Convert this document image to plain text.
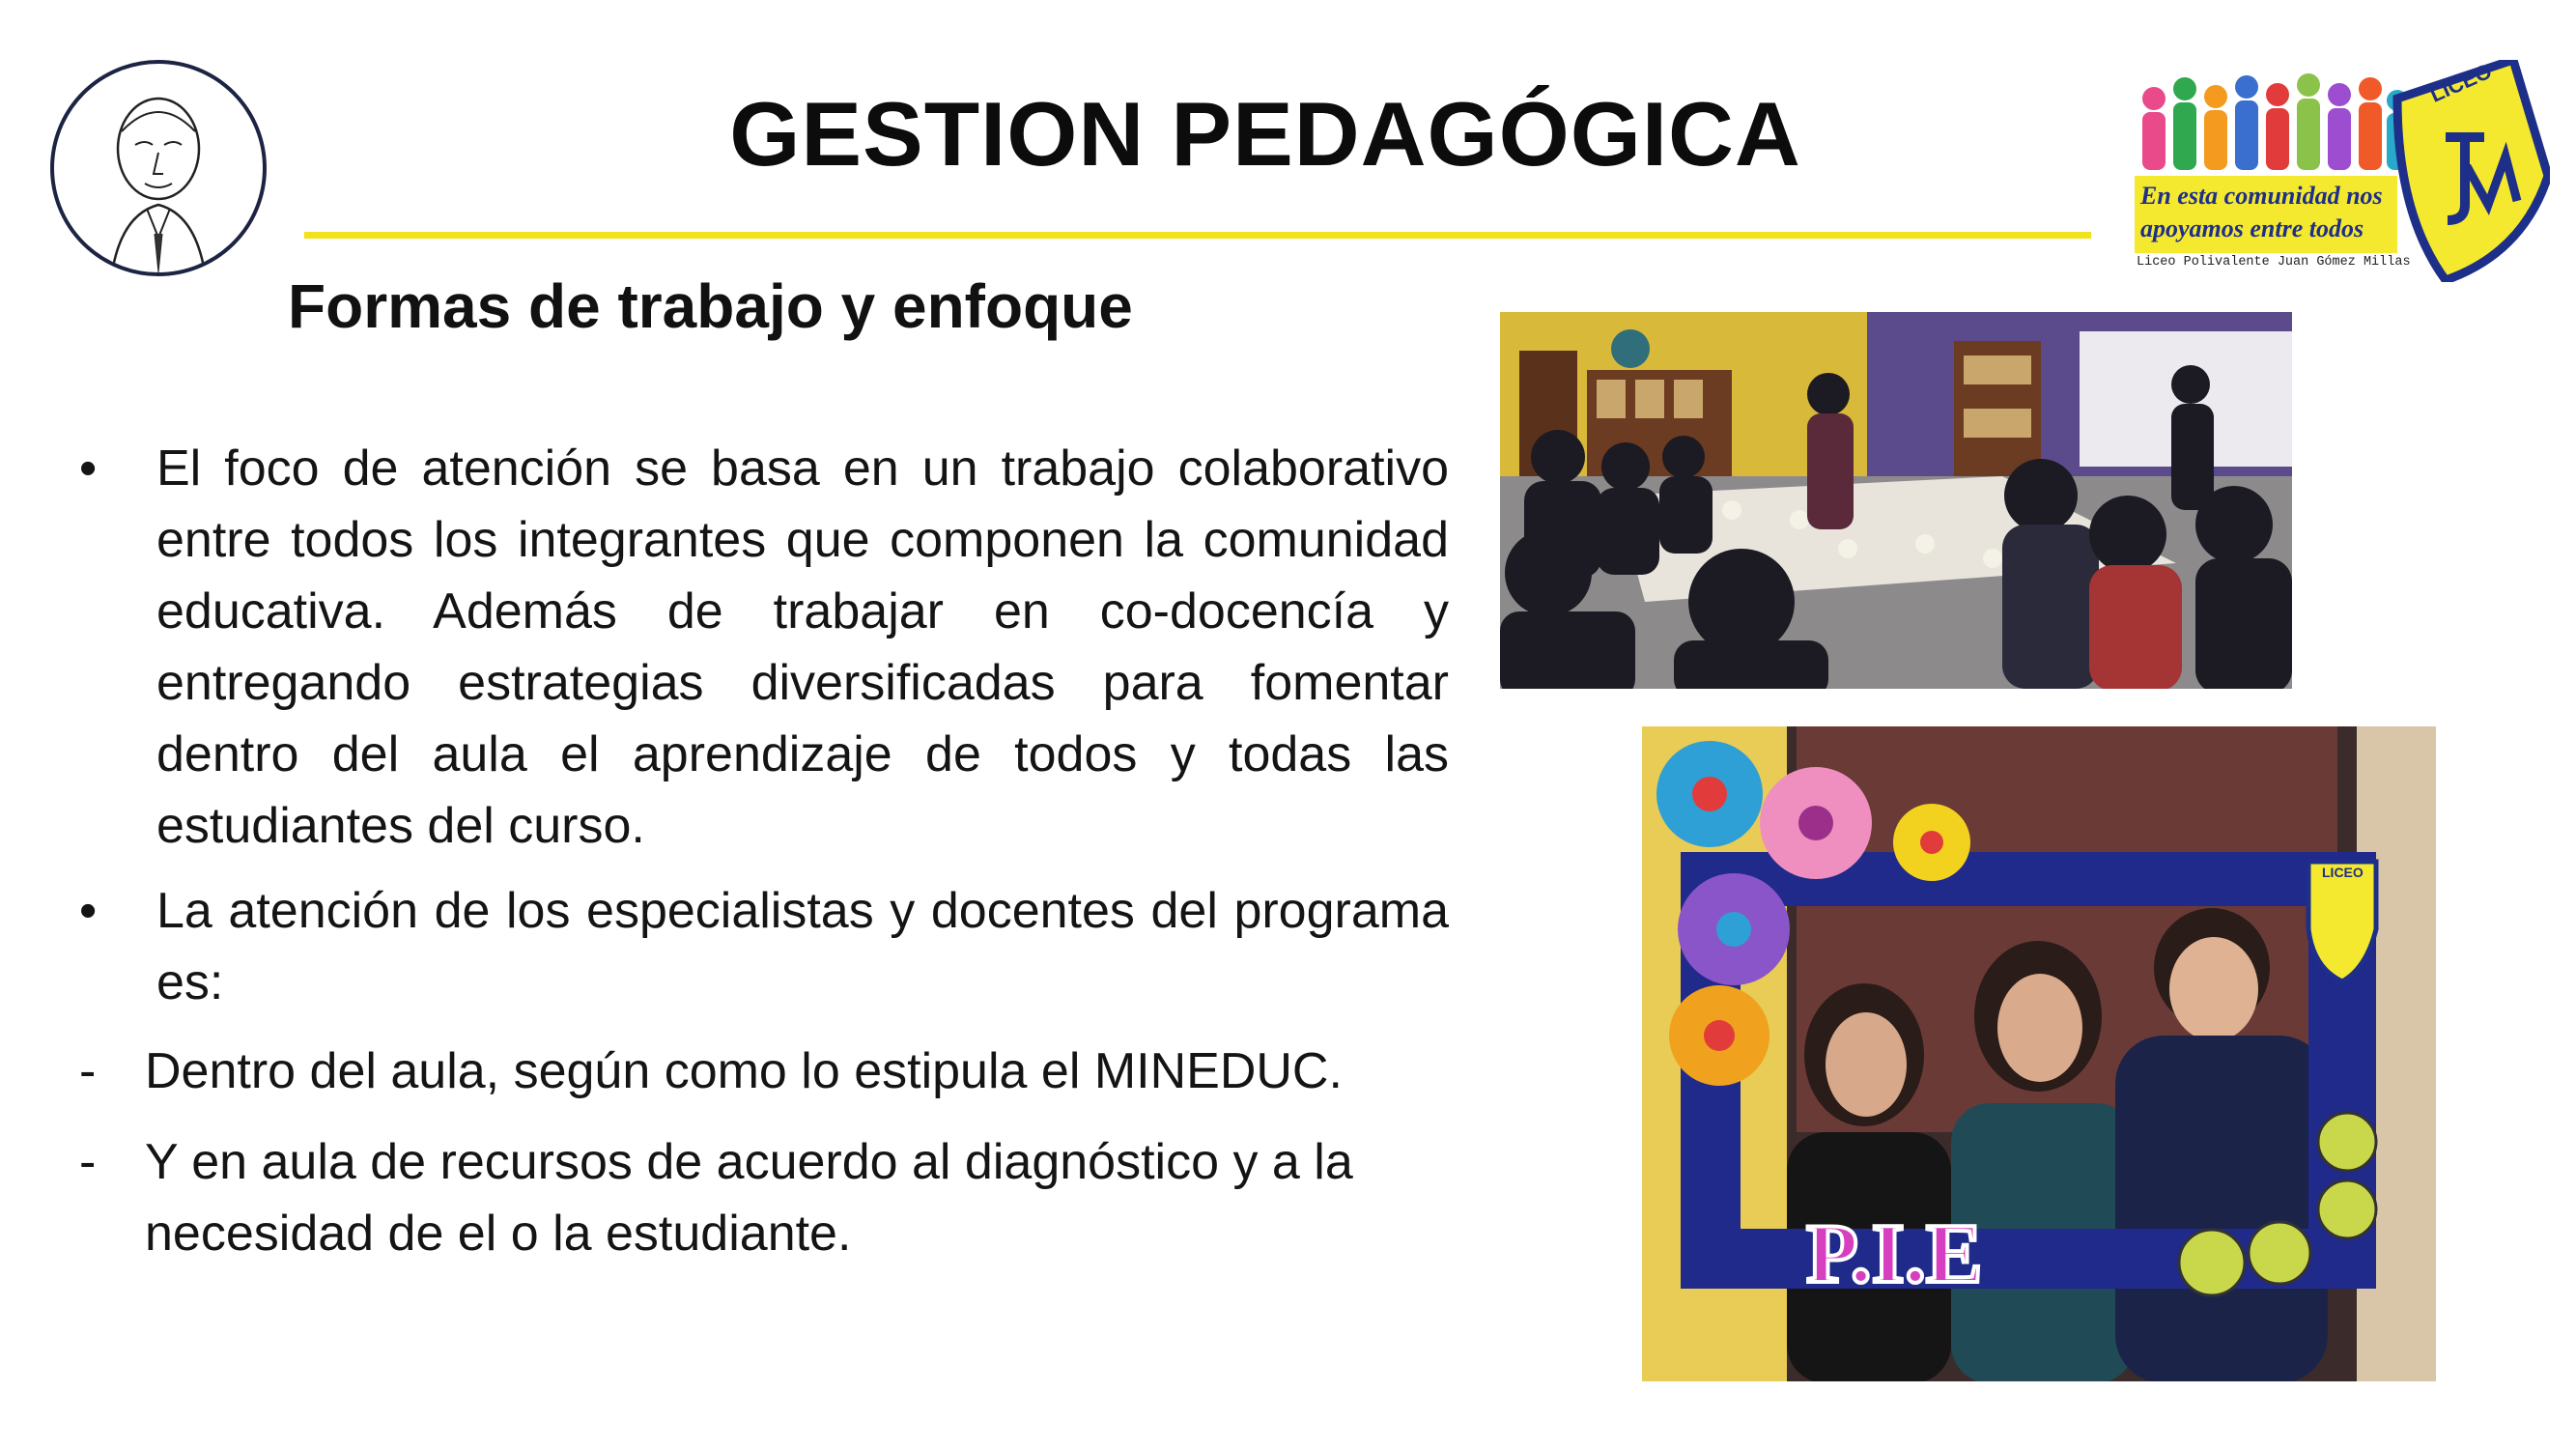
GESTION PEDAGÓGICA
En esta comunidad nos
apoyamos entre todos
Liceo Polivalente Juan Gómez Millas
LICEO
Formas de trabajo y enfoque
• El foco de atención se basa en un trabajo colaborativo entre todos los integrantes que componen la comunidad educativa. Además de trabajar en co-docencía y entregando estrategias diversificadas para fomentar dentro del aula el aprendizaje de todos y todas las estudiantes del curso.
• La atención de los especialistas y docentes del programa es:
- Dentro del aula, según como lo estipula el MINEDUC.
- Y en aula de recursos de acuerdo al diagnóstico y a la necesidad de el o la estudiante.
LICEO
P.I.E
